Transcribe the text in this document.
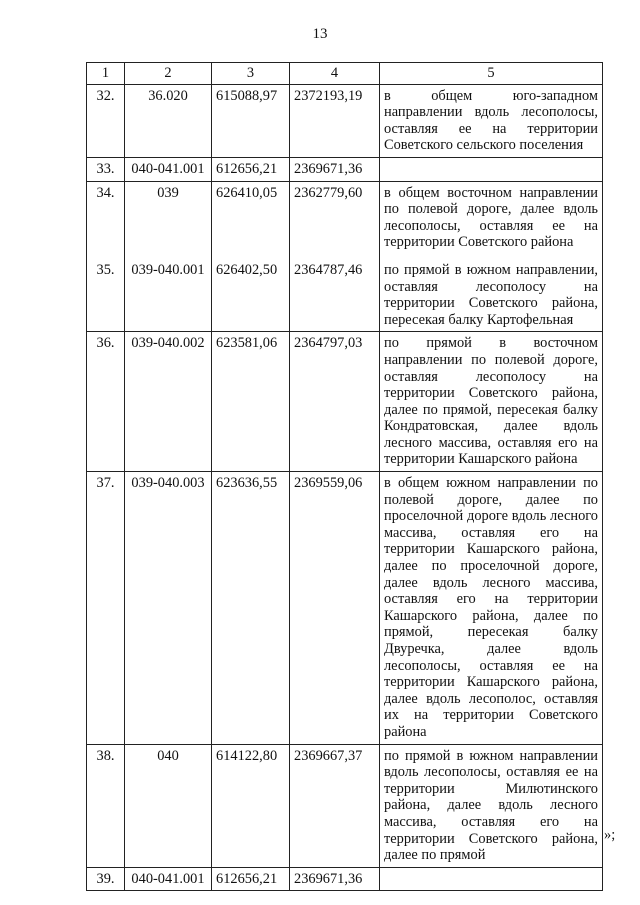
13
1	2	3	4	5
32.	36.020	615088,97	2372193,19	в общем юго-западном направлении вдоль лесополосы, оставляя ее на территории Советского сельского поселения
33.	040-041.001	612656,21	2369671,36	
34.	039	626410,05	2362779,60	в общем восточном направлении по полевой дороге, далее вдоль лесополосы, оставляя ее на территории Советского района
35.	039-040.001	626402,50	2364787,46	по прямой в южном направлении, оставляя лесополосу на территории Советского района, пересекая балку Картофельная
36.	039-040.002	623581,06	2364797,03	по прямой в восточном направлении по полевой дороге, оставляя лесополосу на территории Советского района, далее по прямой, пересекая балку Кондратовская, далее вдоль лесного массива, оставляя его на территории Кашарского района
37.	039-040.003	623636,55	2369559,06	в общем южном направлении по полевой дороге, далее по проселочной дороге вдоль лесного массива, оставляя его на территории Кашарского района, далее по проселочной дороге, далее вдоль лесного массива, оставляя его на территории Кашарского района, далее по прямой, пересекая балку Двуречка, далее вдоль лесополосы, оставляя ее на территории Кашарского района, далее вдоль лесополос, оставляя их на территории Советского района
38.	040	614122,80	2369667,37	по прямой в южном направлении вдоль лесополосы, оставляя ее на территории Милютинского района, далее вдоль лесного массива, оставляя его на территории Советского района, далее по прямой
39.	040-041.001	612656,21	2369671,36	
»;
